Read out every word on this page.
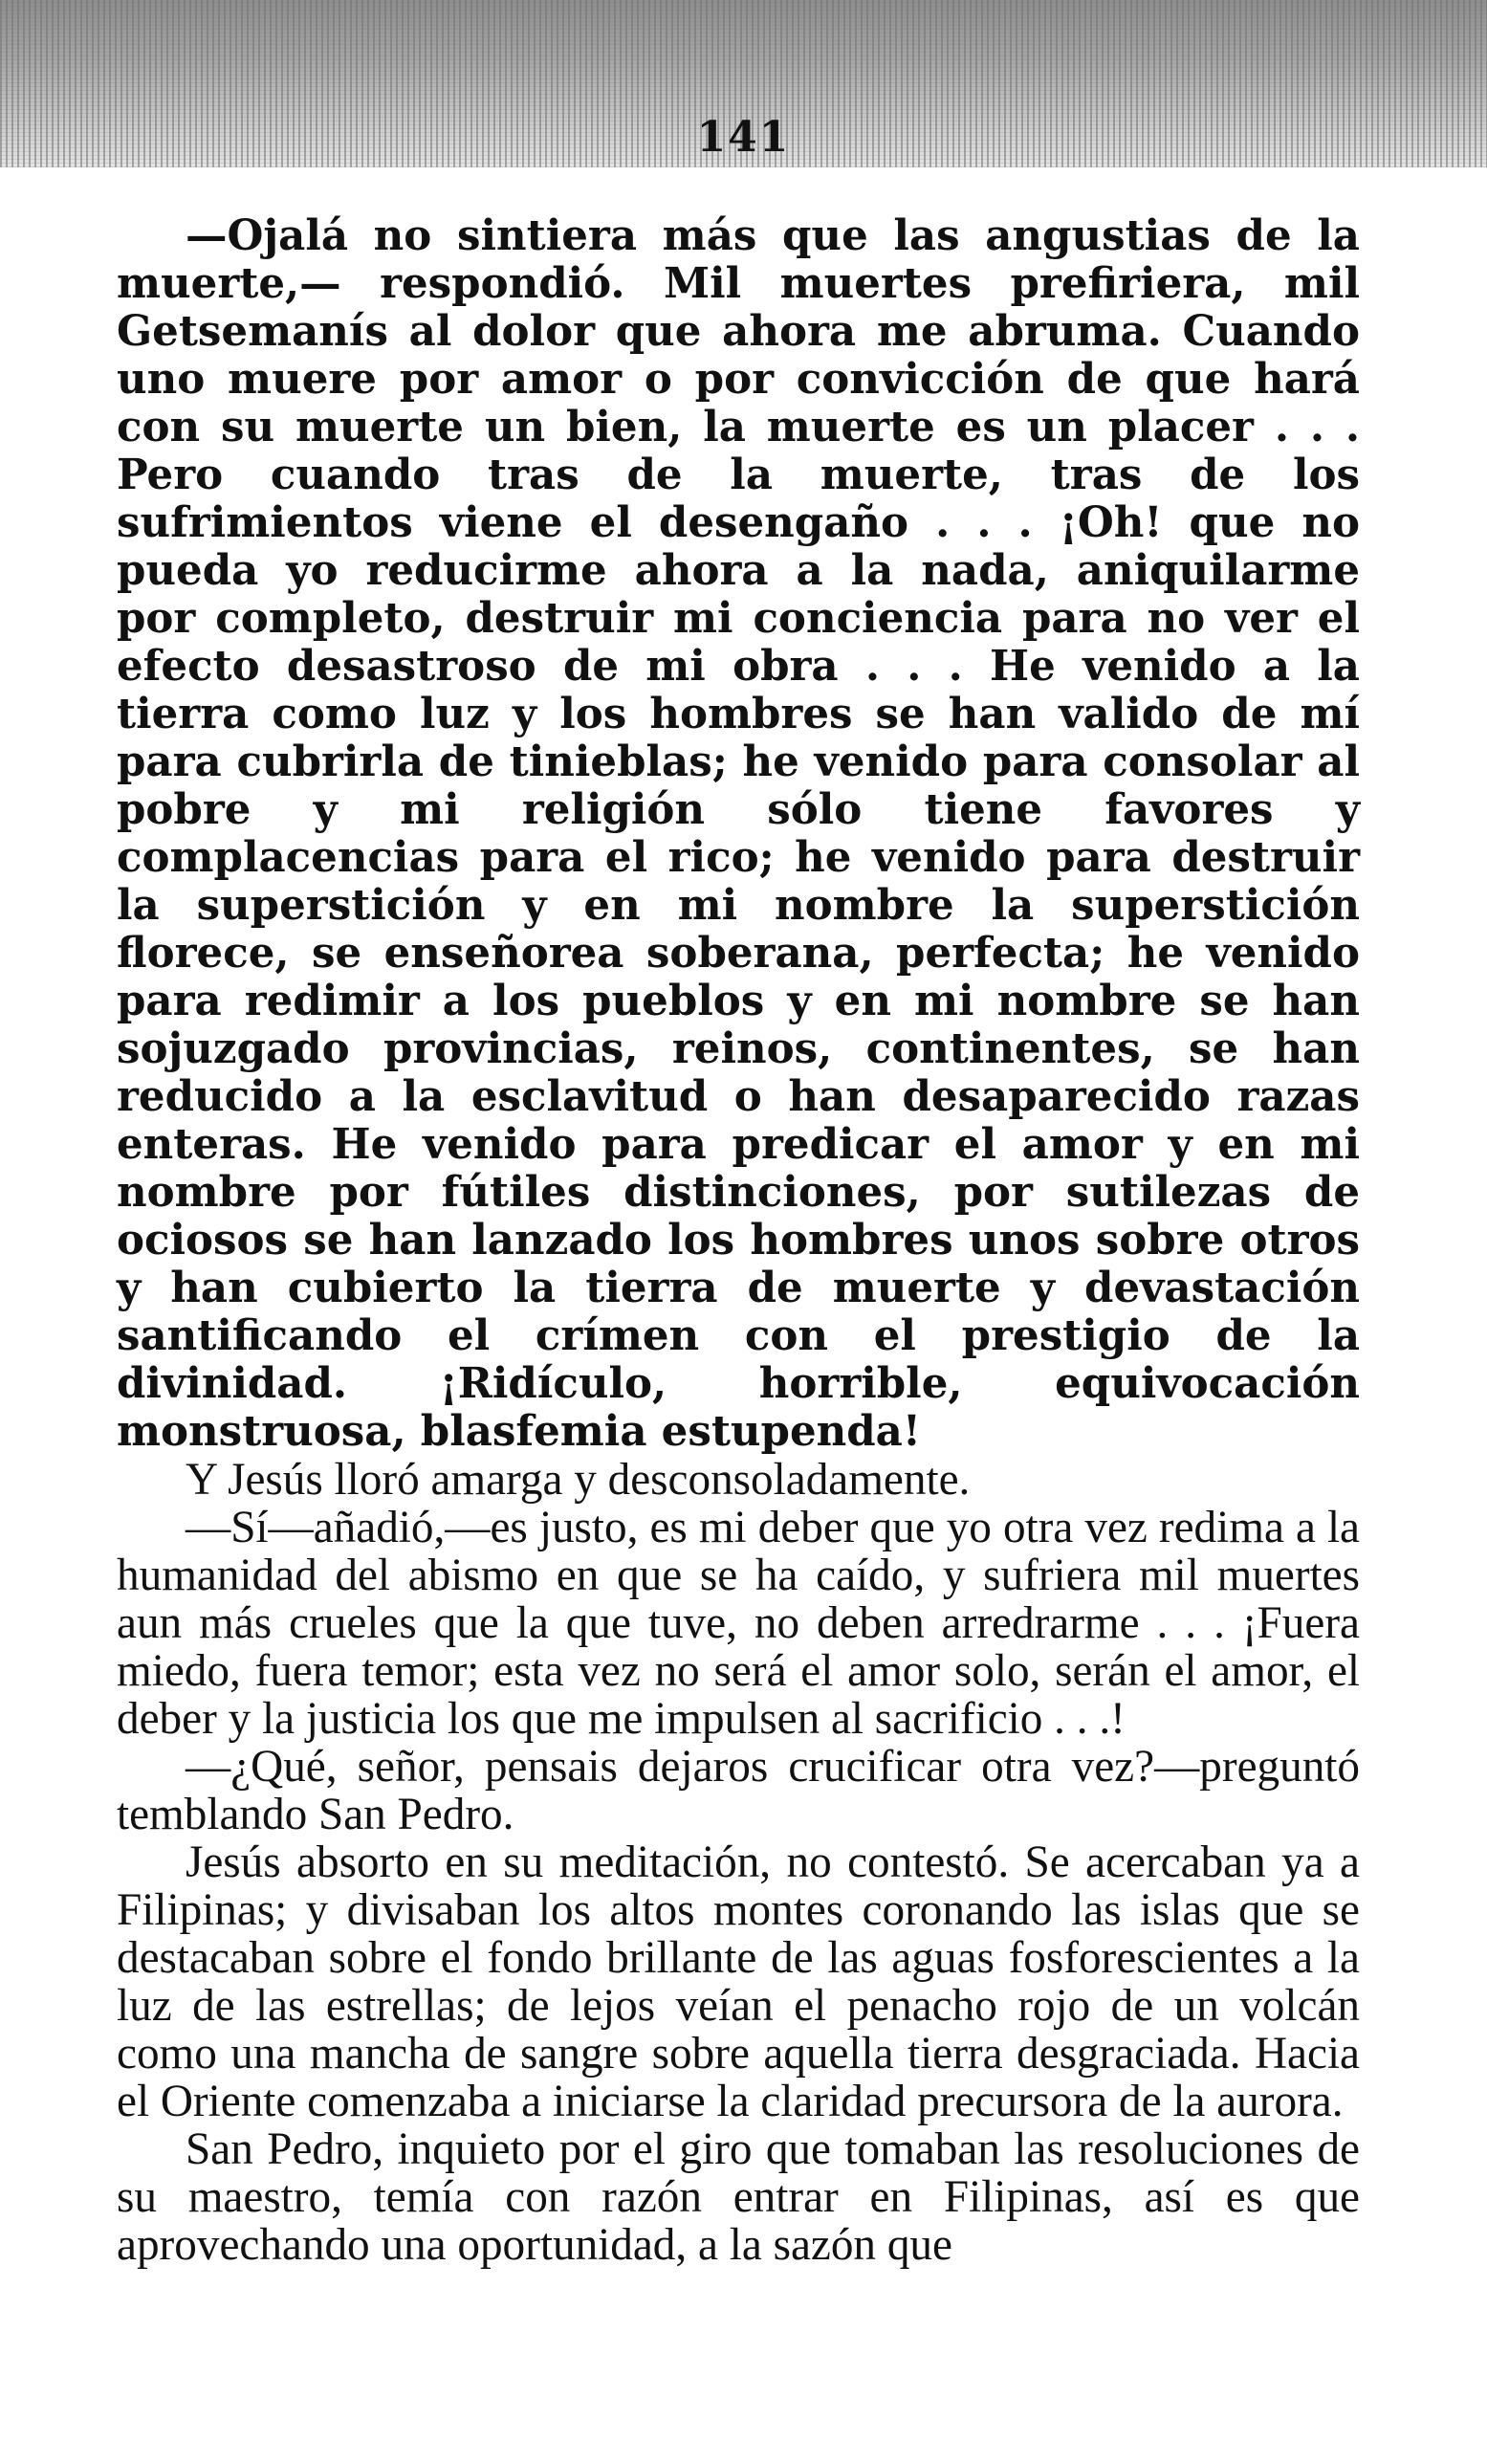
141

—Ojalá no sintiera más que las angustias de la muerte,— respondió. Mil muertes prefiriera, mil Getsemanís al dolor que ahora me abruma. Cuando uno muere por amor o por convicción de que hará con su muerte un bien, la muerte es un placer . . . Pero cuando tras de la muerte, tras de los sufrimientos viene el desengaño . . . ¡Oh! que no pueda yo reducirme ahora a la nada, aniquilarme por completo, destruir mi conciencia para no ver el efecto desastroso de mi obra . . . He venido a la tierra como luz y los hombres se han valido de mí para cubrirla de tinieblas; he venido para consolar al pobre y mi religión sólo tiene favores y complacencias para el rico; he venido para destruir la superstición y en mi nombre la superstición florece, se enseñorea soberana, perfecta; he venido para redimir a los pueblos y en mi nombre se han sojuzgado provincias, reinos, continentes, se han reducido a la esclavitud o han desaparecido razas enteras. He venido para predicar el amor y en mi nombre por fútiles distinciones, por sutilezas de ociosos se han lanzado los hombres unos sobre otros y han cubierto la tierra de muerte y devastación santificando el crímen con el prestigio de la divinidad. ¡Ridículo, horrible, equivocación monstruosa, blasfemia estupenda!

Y Jesús lloró amarga y desconsoladamente.

—Sí—añadió,—es justo, es mi deber que yo otra vez redima a la humanidad del abismo en que se ha caído, y sufriera mil muertes aun más crueles que la que tuve, no deben arredrarme . . . ¡Fuera miedo, fuera temor; esta vez no será el amor solo, serán el amor, el deber y la justicia los que me impulsen al sacrificio . . .!

—¿Qué, señor, pensais dejaros crucificar otra vez?—preguntó temblando San Pedro.

Jesús absorto en su meditación, no contestó. Se acercaban ya a Filipinas; y divisaban los altos montes coronando las islas que se destacaban sobre el fondo brillante de las aguas fosforescientes a la luz de las estrellas; de lejos veían el penacho rojo de un volcán como una mancha de sangre sobre aquella tierra desgraciada. Hacia el Oriente comenzaba a iniciarse la claridad precursora de la aurora.

San Pedro, inquieto por el giro que tomaban las resoluciones de su maestro, temía con razón entrar en Filipinas, así es que aprovechando una oportunidad, a la sazón que
